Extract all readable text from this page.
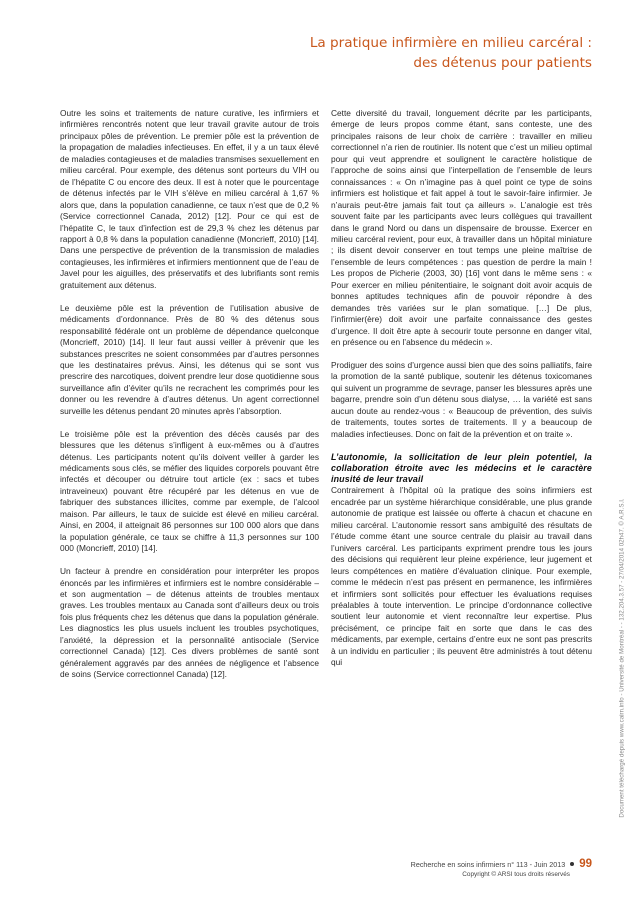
La pratique infirmière en milieu carcéral :
des détenus pour patients

Outre les soins et traitements de nature curative, les infirmiers et infirmières rencontrés notent que leur travail gravite autour de trois principaux pôles de prévention. Le premier pôle est la prévention de la propagation de maladies infectieuses. En effet, il y a un taux élevé de maladies contagieuses et de maladies transmises sexuellement en milieu carcéral. Pour exemple, des détenus sont porteurs du VIH ou de l’hépatite C ou encore des deux. Il est à noter que le pourcentage de détenus infectés par le VIH s’élève en milieu carcéral à 1,67 % alors que, dans la population canadienne, ce taux n’est que de 0,2 % (Service correctionnel Canada, 2012) [12]. Pour ce qui est de l’hépatite C, le taux d’infection est de 29,3 % chez les détenus par rapport à 0,8 % dans la population canadienne (Moncrieff, 2010) [14]. Dans une perspective de prévention de la transmission de maladies contagieuses, les infirmières et infirmiers mentionnent que de l’eau de Javel pour les aiguilles, des préservatifs et des lubrifiants sont remis gratuitement aux détenus.

Le deuxième pôle est la prévention de l’utilisation abusive de médicaments d’ordonnance. Près de 80 % des détenus sous responsabilité fédérale ont un problème de dépendance quelconque (Moncrieff, 2010) [14]. Il leur faut aussi veiller à prévenir que les substances prescrites ne soient consommées par d’autres personnes que les destinataires prévus. Ainsi, les détenus qui se sont vus prescrire des narcotiques, doivent prendre leur dose quotidienne sous surveillance afin d’éviter qu’ils ne recrachent les comprimés pour les donner ou les revendre à d’autres détenus. Un agent correctionnel surveille les détenus pendant 20 minutes après l’absorption.

Le troisième pôle est la prévention des décès causés par des blessures que les détenus s’infligent à eux-mêmes ou à d’autres détenus. Les participants notent qu’ils doivent veiller à garder les médicaments sous clés, se méfier des liquides corporels pouvant être infectés et découper ou détruire tout article (ex : sacs et tubes intraveineux) pouvant être récupéré par les détenus en vue de fabriquer des substances illicites, comme par exemple, de l’alcool maison. Par ailleurs, le taux de suicide est élevé en milieu carcéral. Ainsi, en 2004, il atteignait 86 personnes sur 100 000 alors que dans la population générale, ce taux se chiffre à 11,3 personnes sur 100 000 (Moncrieff, 2010) [14].

Un facteur à prendre en considération pour interpréter les propos énoncés par les infirmières et infirmiers est le nombre considérable – et son augmentation – de détenus atteints de troubles mentaux graves. Les troubles mentaux au Canada sont d’ailleurs deux ou trois fois plus fréquents chez les détenus que dans la population générale. Les diagnostics les plus usuels incluent les troubles psychotiques, l’anxiété, la dépression et la personnalité antisociale (Service correctionnel Canada) [12]. Ces divers problèmes de santé sont généralement aggravés par des années de négligence et l’absence de soins (Service correctionnel Canada) [12].

Cette diversité du travail, longuement décrite par les participants, émerge de leurs propos comme étant, sans conteste, une des principales raisons de leur choix de carrière : travailler en milieu correctionnel n’a rien de routinier. Ils notent que c’est un milieu optimal pour qui veut apprendre et soulignent le caractère holistique de l’approche de soins ainsi que l’interpellation de l’ensemble de leurs connaissances : « On n’imagine pas à quel point ce type de soins infirmiers est holistique et fait appel à tout le savoir-faire infirmier. Je n’aurais peut-être jamais fait tout ça ailleurs ». L’analogie est très souvent faite par les participants avec leurs collègues qui travaillent dans le grand Nord ou dans un dispensaire de brousse. Exercer en milieu carcéral revient, pour eux, à travailler dans un hôpital miniature ; ils disent devoir conserver en tout temps une pleine maîtrise de l’ensemble de leurs compétences : pas question de perdre la main ! Les propos de Picherie (2003, 30) [16] vont dans le même sens : « Pour exercer en milieu pénitentiaire, le soignant doit avoir acquis de bonnes aptitudes techniques afin de pouvoir répondre à des demandes très variées sur le plan somatique. […] De plus, l’infirmier(ère) doit avoir une parfaite connaissance des gestes d’urgence. Il doit être apte à secourir toute personne en danger vital, en présence ou en l’absence du médecin ».

Prodiguer des soins d’urgence aussi bien que des soins palliatifs, faire la promotion de la santé publique, soutenir les détenus toxicomanes qui suivent un programme de sevrage, panser les blessures après une bagarre, prendre soin d’un détenu sous dialyse, … la variété est sans aucun doute au rendez-vous : « Beaucoup de prévention, des suivis de traitements, toutes sortes de traitements. Il y a beaucoup de maladies infectieuses. Donc on fait de la prévention et on traite ».

L’autonomie, la sollicitation de leur plein potentiel, la collaboration étroite avec les médecins et le caractère inusité de leur travail

Contrairement à l’hôpital où la pratique des soins infirmiers est encadrée par un système hiérarchique considérable, une plus grande autonomie de pratique est laissée ou offerte à chacun et chacune en milieu carcéral. L’autonomie ressort sans ambiguïté des résultats de l’étude comme étant une source centrale du plaisir au travail dans l’univers carcéral. Les participants expriment prendre tous les jours des décisions qui requièrent leur pleine expérience, leur jugement et leurs compétences en matière d’évaluation clinique. Pour exemple, comme le médecin n’est pas présent en permanence, les infirmières et infirmiers sont sollicités pour effectuer les évaluations requises préalables à toute intervention. Le principe d’ordonnance collective soutient leur autonomie et vient reconnaître leur expertise. Plus précisément, ce principe fait en sorte que dans le cas des médicaments, par exemple, certains d’entre eux ne sont pas prescrits à un individu en particulier ; ils peuvent être administrés à tout détenu qui

Recherche en soins infirmiers n° 113 - Juin 2013 99
Copyright © ARSI tous droits réservés
Document téléchargé depuis www.cairn.info - Université de Montréal - - 132.204.3.57 - 27/04/2014 02h47. © A.R.S.I.
